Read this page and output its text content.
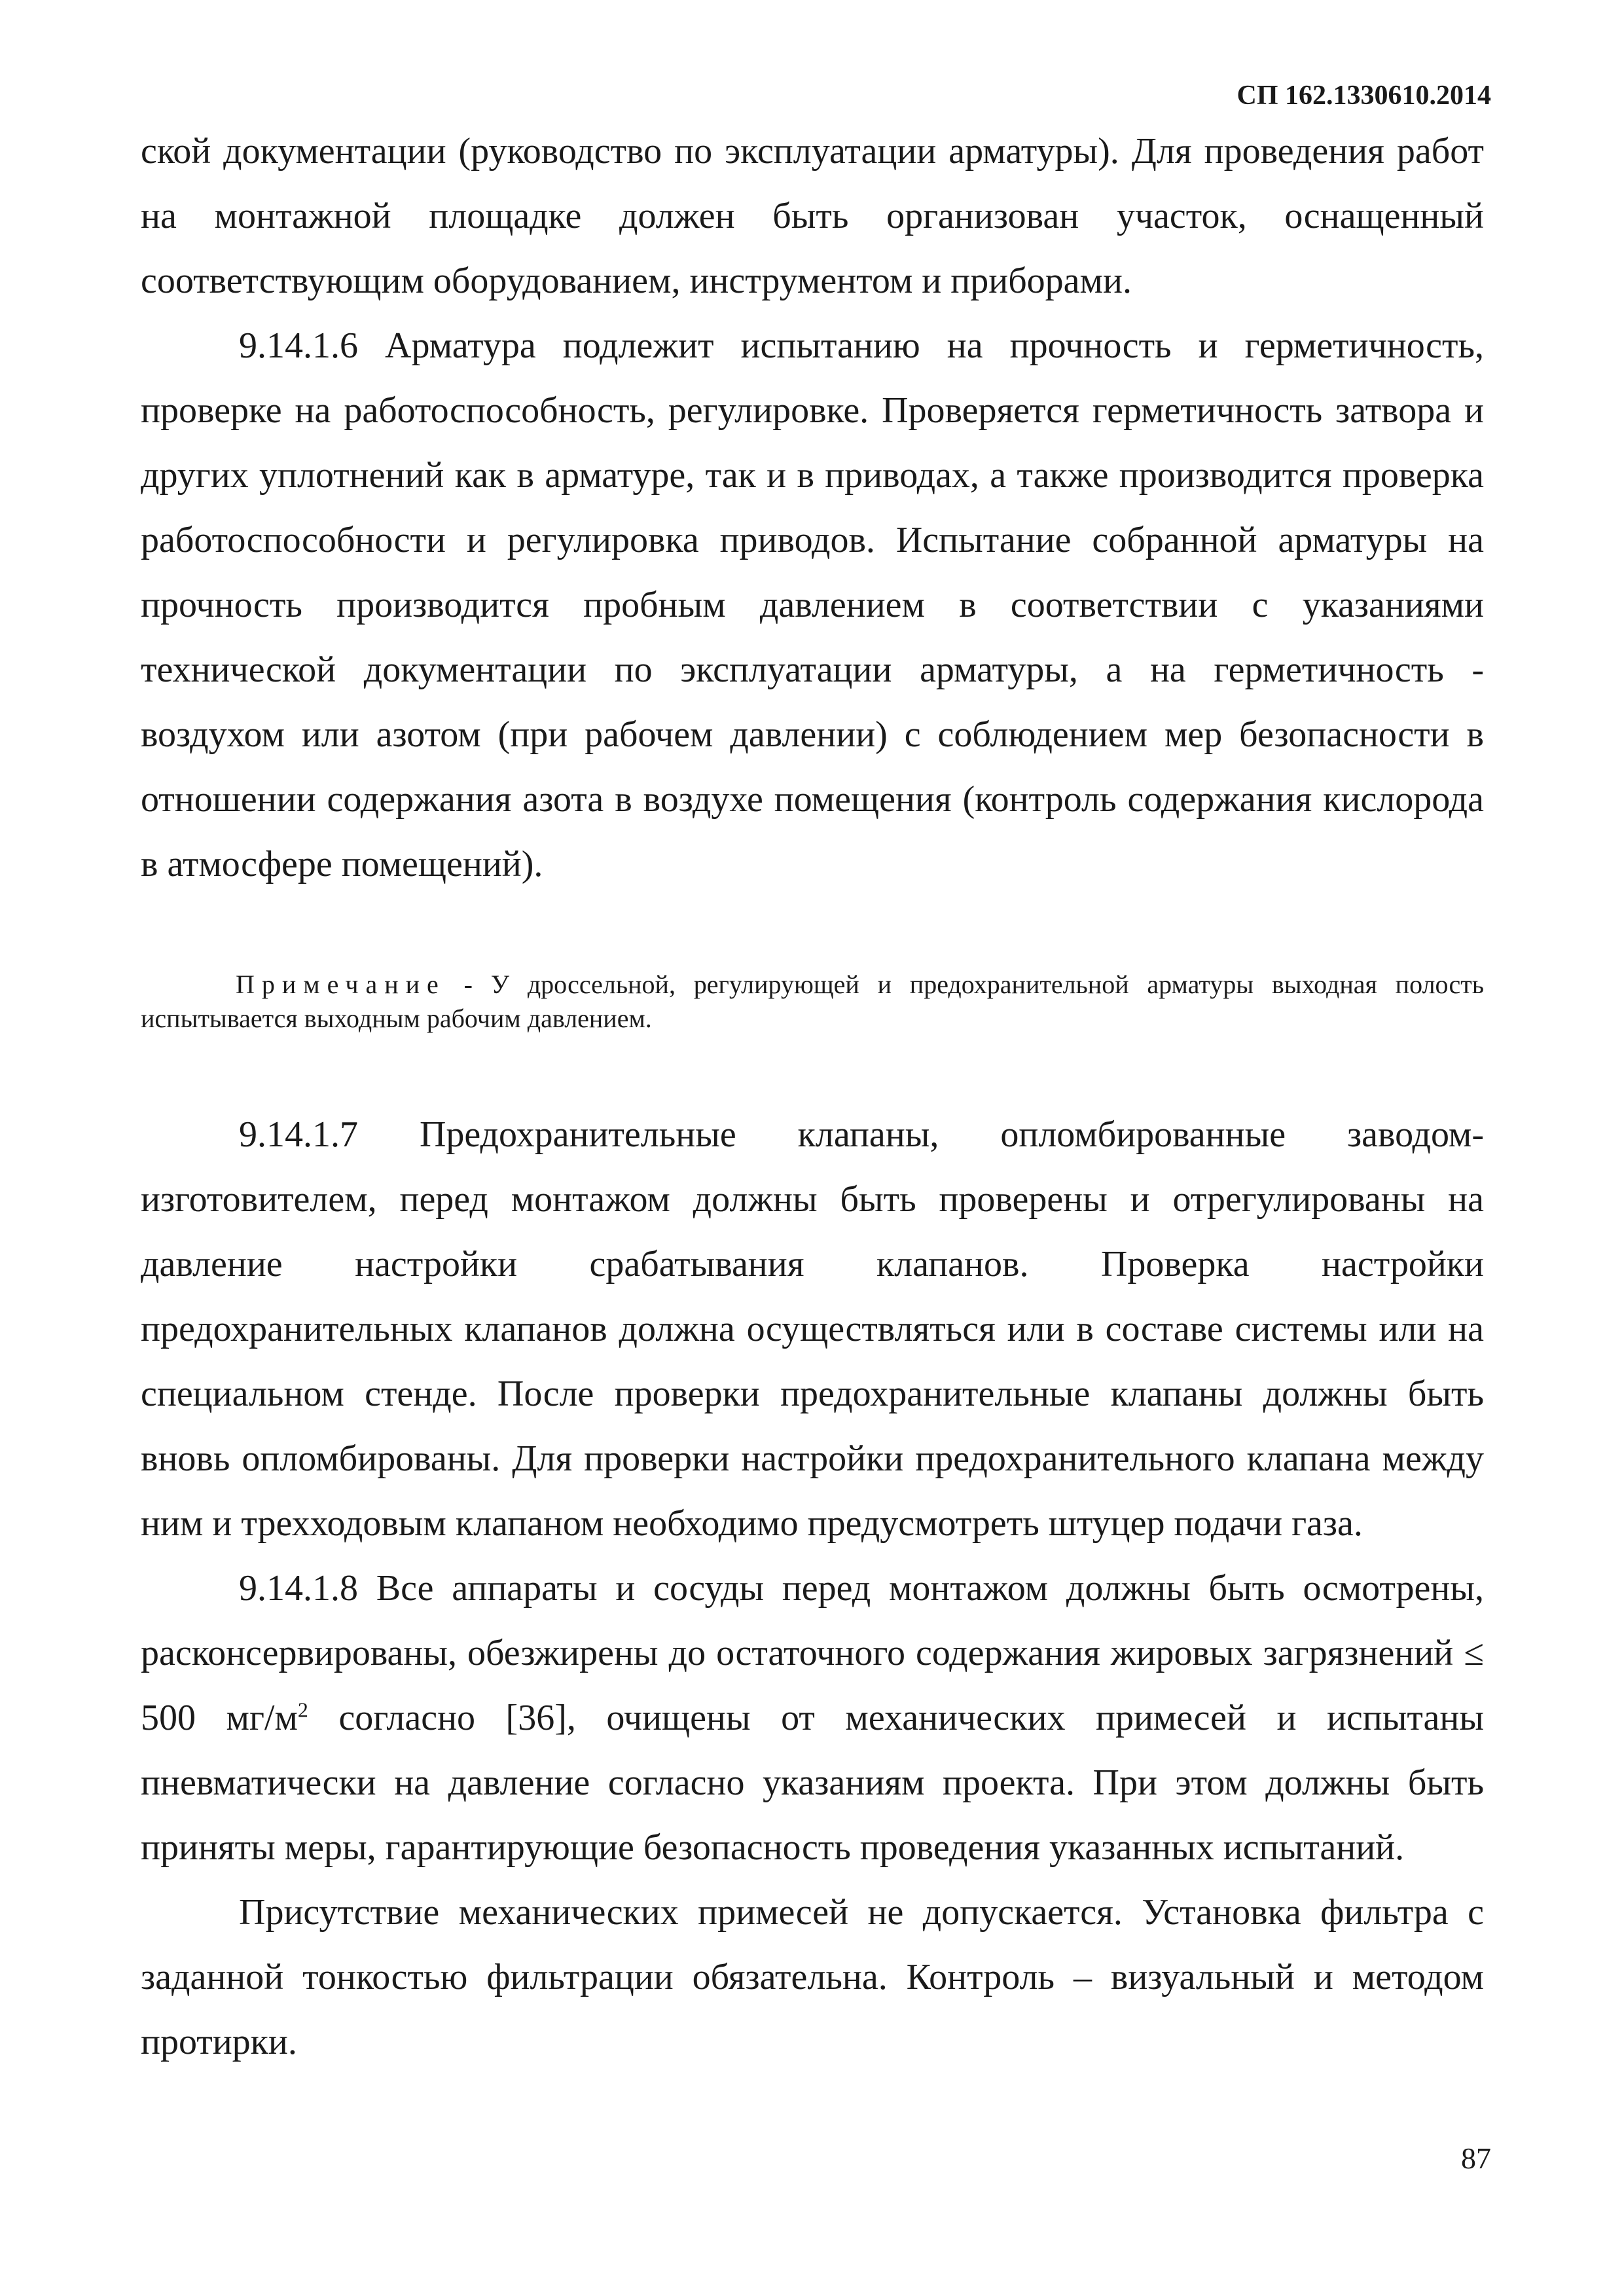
СП 162.1330610.2014

ской документации (руководство по эксплуатации арматуры). Для проведения работ на монтажной площадке должен быть организован участок, оснащенный соответствующим оборудованием, инструментом и приборами.

9.14.1.6 Арматура подлежит испытанию на прочность и герметичность, проверке на работоспособность, регулировке. Проверяется герметичность затвора и других уплотнений как в арматуре, так и в приводах, а также производится проверка работоспособности и регулировка приводов. Испытание собранной арматуры на прочность производится пробным давлением в соответствии с указаниями технической документации по эксплуатации арматуры, а на герметичность - воздухом или азотом (при рабочем давлении) с соблюдением мер безопасности в отношении содержания азота в воздухе помещения (контроль содержания кислорода в атмосфере помещений).

Примечание - У дроссельной, регулирующей и предохранительной арматуры выходная полость испытывается выходным рабочим давлением.

9.14.1.7 Предохранительные клапаны, опломбированные заводом-изготовителем, перед монтажом должны быть проверены и отрегулированы на давление настройки срабатывания клапанов. Проверка настройки предохранительных клапанов должна осуществляться или в составе системы или на специальном стенде. После проверки предохранительные клапаны должны быть вновь опломбированы. Для проверки настройки предохранительного клапана между ним и трехходовым клапаном необходимо предусмотреть штуцер подачи газа.

9.14.1.8 Все аппараты и сосуды перед монтажом должны быть осмотрены, расконсервированы, обезжирены до остаточного содержания жировых загрязнений ≤ 500 $мг/м^2$ согласно [36], очищены от механических примесей и испытаны пневматически на давление согласно указаниям проекта. При этом должны быть приняты меры, гарантирующие безопасность проведения указанных испытаний.

Присутствие механических примесей не допускается. Установка фильтра с заданной тонкостью фильтрации обязательна. Контроль – визуальный и методом протирки.

87
